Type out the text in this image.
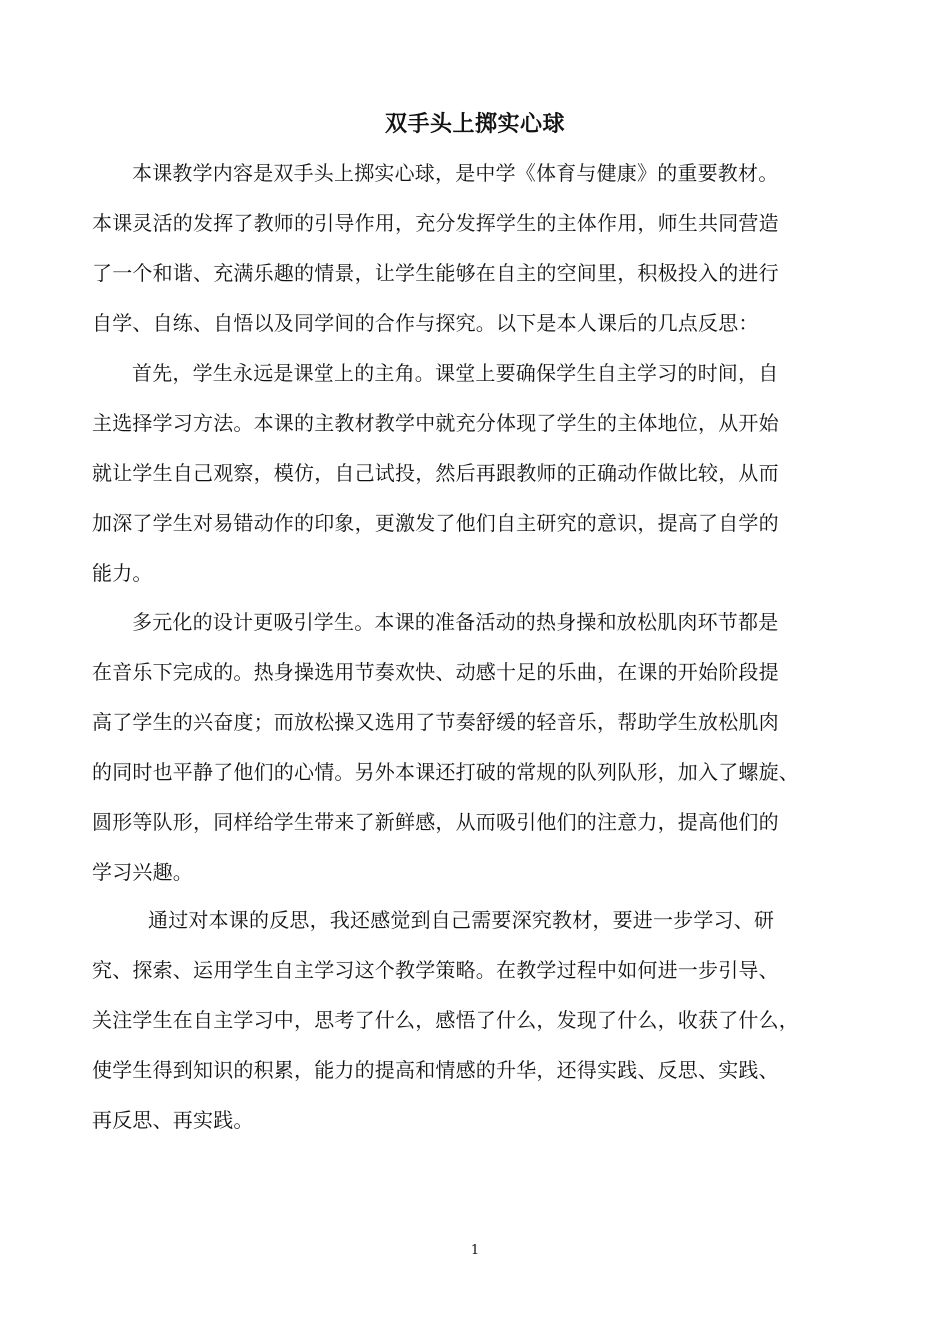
双手头上掷实心球
本课教学内容是双手头上掷实心球，是中学《体育与健康》的重要教材。
本课灵活的发挥了教师的引导作用，充分发挥学生的主体作用，师生共同营造
了一个和谐、充满乐趣的情景，让学生能够在自主的空间里，积极投入的进行
自学、自练、自悟以及同学间的合作与探究。以下是本人课后的几点反思：
首先，学生永远是课堂上的主角。课堂上要确保学生自主学习的时间，自
主选择学习方法。本课的主教材教学中就充分体现了学生的主体地位，从开始
就让学生自己观察，模仿，自己试投，然后再跟教师的正确动作做比较，从而
加深了学生对易错动作的印象，更激发了他们自主研究的意识，提高了自学的
能力。
多元化的设计更吸引学生。本课的准备活动的热身操和放松肌肉环节都是
在音乐下完成的。热身操选用节奏欢快、动感十足的乐曲，在课的开始阶段提
高了学生的兴奋度；而放松操又选用了节奏舒缓的轻音乐，帮助学生放松肌肉
的同时也平静了他们的心情。另外本课还打破的常规的队列队形，加入了螺旋、
圆形等队形，同样给学生带来了新鲜感，从而吸引他们的注意力，提高他们的
学习兴趣。
通过对本课的反思，我还感觉到自己需要深究教材，要进一步学习、研
究、探索、运用学生自主学习这个教学策略。在教学过程中如何进一步引导、
关注学生在自主学习中，思考了什么，感悟了什么，发现了什么，收获了什么，
使学生得到知识的积累，能力的提高和情感的升华，还得实践、反思、实践、
再反思、再实践。
1
